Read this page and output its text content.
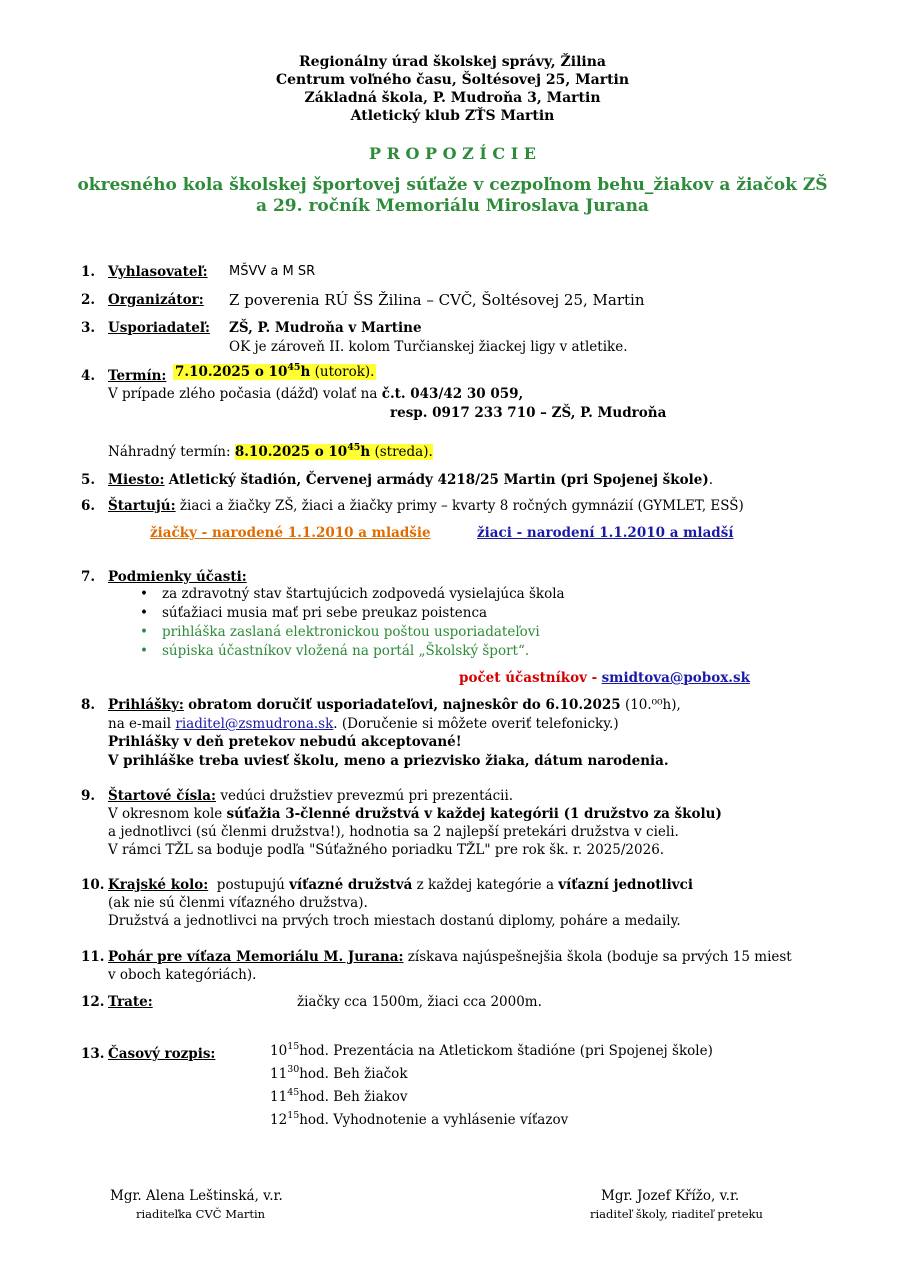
Regionálny úrad školskej správy, Žilina
Centrum voľného času, Šoltésovej 25, Martin
Základná škola, P. Mudroňa 3, Martin
Atletický klub ZŤS Martin
P R O P O Z Í C I E
okresného kola školskej športovej súťaže v cezpoľnom behu_žiakov a žiačok ZŠ
a 29. ročník Memoriálu Miroslava Jurana
1. Vyhlasovateľ: MŠVV a M SR
2. Organizátor: Z poverenia RÚ ŠS Žilina – CVČ, Šoltésovej 25, Martin
3. Usporiadateľ: ZŠ, P. Mudroňa v Martine
OK je zároveň II. kolom Turčianskej žiackej ligy v atletike.
4. Termín: 7.10.2025 o $10^{45}h$ (utorok).
V prípade zlého počasia (dážď) volať na č.t. 043/42 30 059,
resp. 0917 233 710 – ZŠ, P. Mudroňa
Náhradný termín: 8.10.2025 o $10^{45}h$ (streda).
5. Miesto: Atletický štadión, Červenej armády 4218/25 Martin (pri Spojenej škole).
6. Štartujú: žiaci a žiačky ZŠ, žiaci a žiačky primy – kvarty 8 ročných gymnázií (GYMLET, ESŠ)
žiačky - narodené 1.1.2010 a mladšie	žiaci - narodení 1.1.2010 a mladší
7. Podmienky účasti:
• za zdravotný stav štartujúcich zodpovedá vysielajúca škola
• súťažiaci musia mať pri sebe preukaz poistenca
• prihláška zaslaná elektronickou poštou usporiadateľovi
• súpiska účastníkov vložená na portál „Školský šport“.
počet účastníkov - smidtova@pobox.sk
8. Prihlášky: obratom doručiť usporiadateľovi, najneskôr do 6.10.2025 (10.⁰⁰h),
na e-mail riaditel@zsmudrona.sk. (Doručenie si môžete overiť telefonicky.)
Prihlášky v deň pretekov nebudú akceptované!
V prihláške treba uviesť školu, meno a priezvisko žiaka, dátum narodenia.
9. Štartové čísla: vedúci družstiev prevezmú pri prezentácii.
V okresnom kole súťažia 3-členné družstvá v každej kategórii (1 družstvo za školu)
a jednotlivci (sú členmi družstva!), hodnotia sa 2 najlepší pretekári družstva v cieli.
V rámci TŽL sa boduje podľa "Súťažného poriadku TŽL" pre rok šk. r. 2025/2026.
10. Krajské kolo: postupujú víťazné družstvá z každej kategórie a víťazní jednotlivci
(ak nie sú členmi víťazného družstva).
Družstvá a jednotlivci na prvých troch miestach dostanú diplomy, poháre a medaily.
11. Pohár pre víťaza Memoriálu M. Jurana: získava najúspešnejšia škola (boduje sa prvých 15 miest
v oboch kategóriách).
12. Trate:	žiačky cca 1500m, žiaci cca 2000m.
13. Časový rozpis:	$10^{15}hod$. Prezentácia na Atletickom štadióne (pri Spojenej škole)
$11^{30}hod$. Beh žiačok
$11^{45}hod$. Beh žiakov
$12^{15}hod$. Vyhodnotenie a vyhlásenie víťazov
Mgr. Alena Leštinská, v.r.
riaditeľka CVČ Martin
Mgr. Jozef Křížo, v.r.
riaditeľ školy, riaditeľ preteku
